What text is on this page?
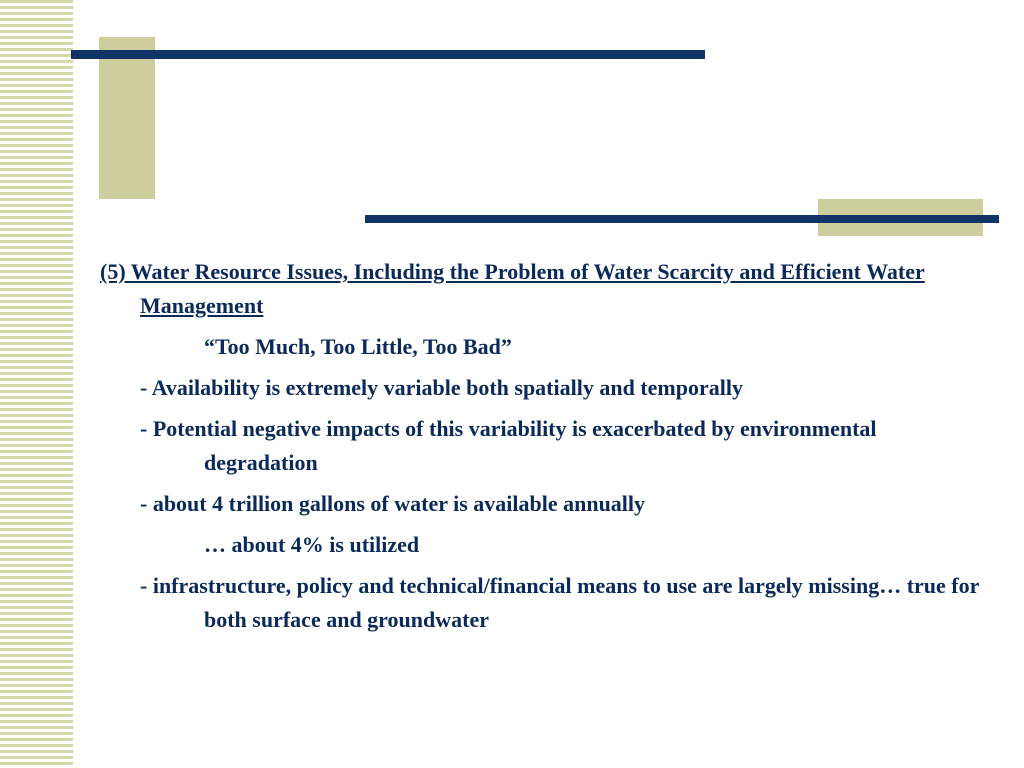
(5) Water Resource Issues, Including the Problem of Water Scarcity and Efficient Water Management

“Too Much, Too Little, Too Bad”

- Availability is extremely variable both spatially and temporally

- Potential negative impacts of this variability is exacerbated by environmental degradation

- about 4 trillion gallons of water is available annually

… about 4% is utilized

- infrastructure, policy and technical/financial means to use are largely missing… true for both surface and groundwater
